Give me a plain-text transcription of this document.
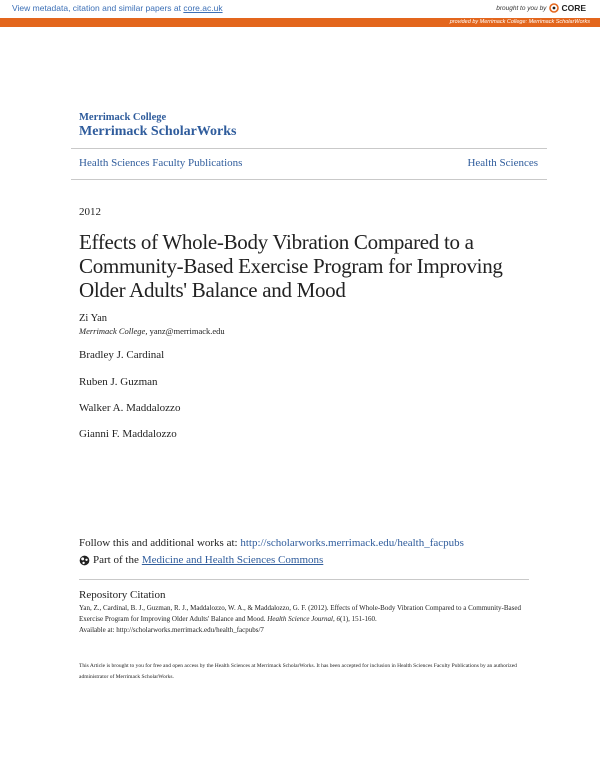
View metadata, citation and similar papers at core.ac.uk	brought to you by CORE
provided by Merrimack College: Merrimack ScholarWorks
Merrimack College
Merrimack ScholarWorks
Health Sciences Faculty Publications	Health Sciences
2012
Effects of Whole-Body Vibration Compared to a Community-Based Exercise Program for Improving Older Adults' Balance and Mood
Zi Yan
Merrimack College, yanz@merrimack.edu
Bradley J. Cardinal
Ruben J. Guzman
Walker A. Maddalozzo
Gianni F. Maddalozzo
Follow this and additional works at: http://scholarworks.merrimack.edu/health_facpubs
Part of the Medicine and Health Sciences Commons
Repository Citation
Yan, Z., Cardinal, B. J., Guzman, R. J., Maddalozzo, W. A., & Maddalozzo, G. F. (2012). Effects of Whole-Body Vibration Compared to a Community-Based Exercise Program for Improving Older Adults' Balance and Mood. Health Science Journal, 6(1), 151-160.
Available at: http://scholarworks.merrimack.edu/health_facpubs/7
This Article is brought to you for free and open access by the Health Sciences at Merrimack ScholarWorks. It has been accepted for inclusion in Health Sciences Faculty Publications by an authorized administrator of Merrimack ScholarWorks.
